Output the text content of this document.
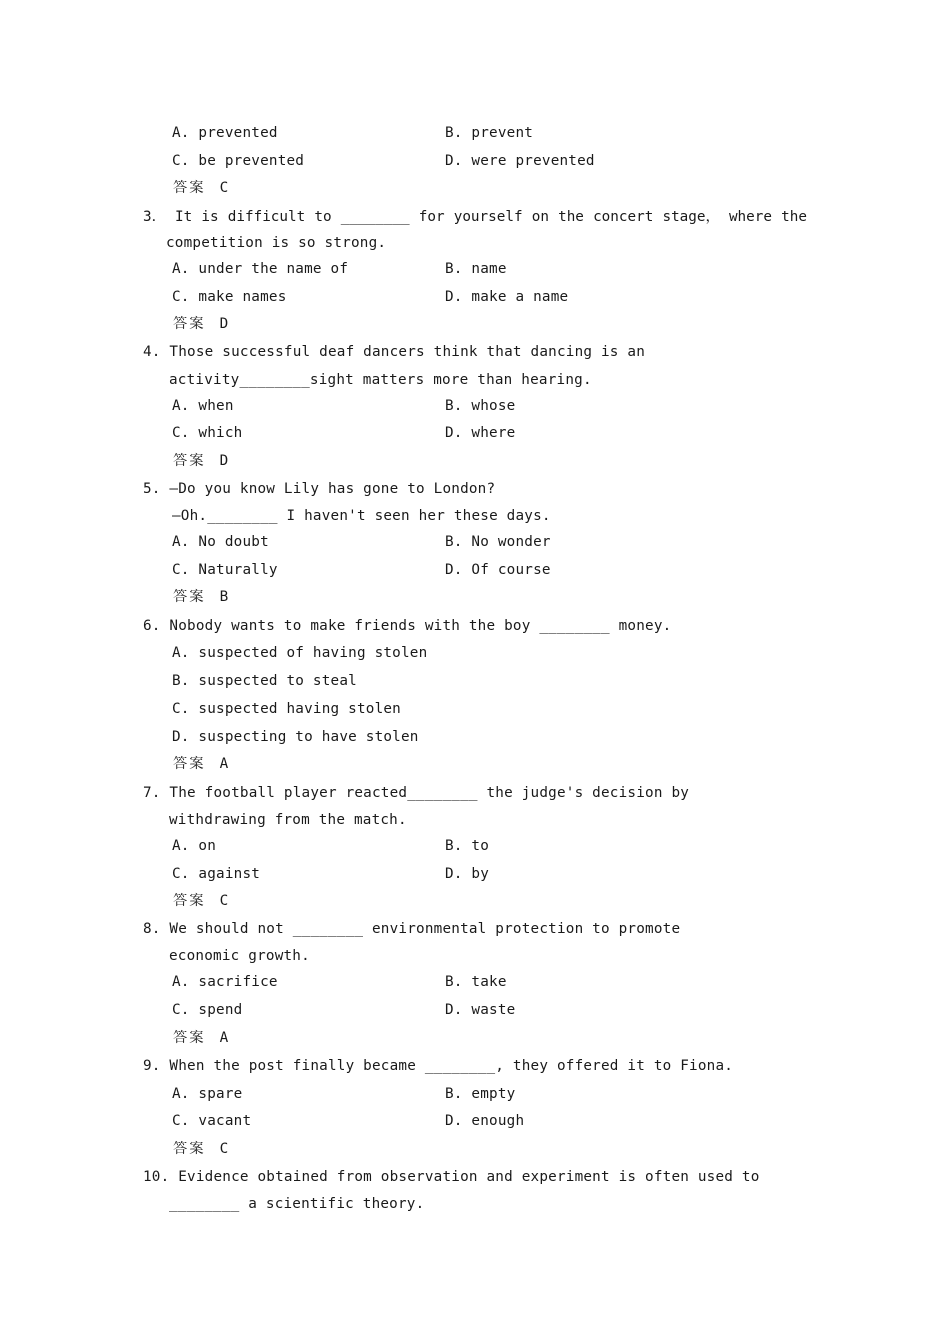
A. prevented	B. prevent
C. be prevented	D. were prevented
答案 C
3． It is difficult to ________ for yourself on the concert stage， where the
competition is so strong.
A. under the name of	B. name
C. make names	D. make a name
答案 D
4. Those successful deaf dancers think that dancing is an
activity________sight matters more than hearing.
A. when	B. whose
C. which	D. where
答案 D
5. —Do you know Lily has gone to London?
—Oh.________ I haven't seen her these days.
A. No doubt	B. No wonder
C. Naturally	D. Of course
答案 B
6. Nobody wants to make friends with the boy ________ money.
A. suspected of having stolen
B. suspected to steal
C. suspected having stolen
D. suspecting to have stolen
答案 A
7. The football player reacted________ the judge's decision by
withdrawing from the match.
A. on	B. to
C. against	D. by
答案 C
8. We should not ________ environmental protection to promote
economic growth.
A. sacrifice	B. take
C. spend	D. waste
答案 A
9. When the post finally became ________, they offered it to Fiona.
A. spare	B. empty
C. vacant	D. enough
答案 C
10. Evidence obtained from observation and experiment is often used to
________ a scientific theory.
